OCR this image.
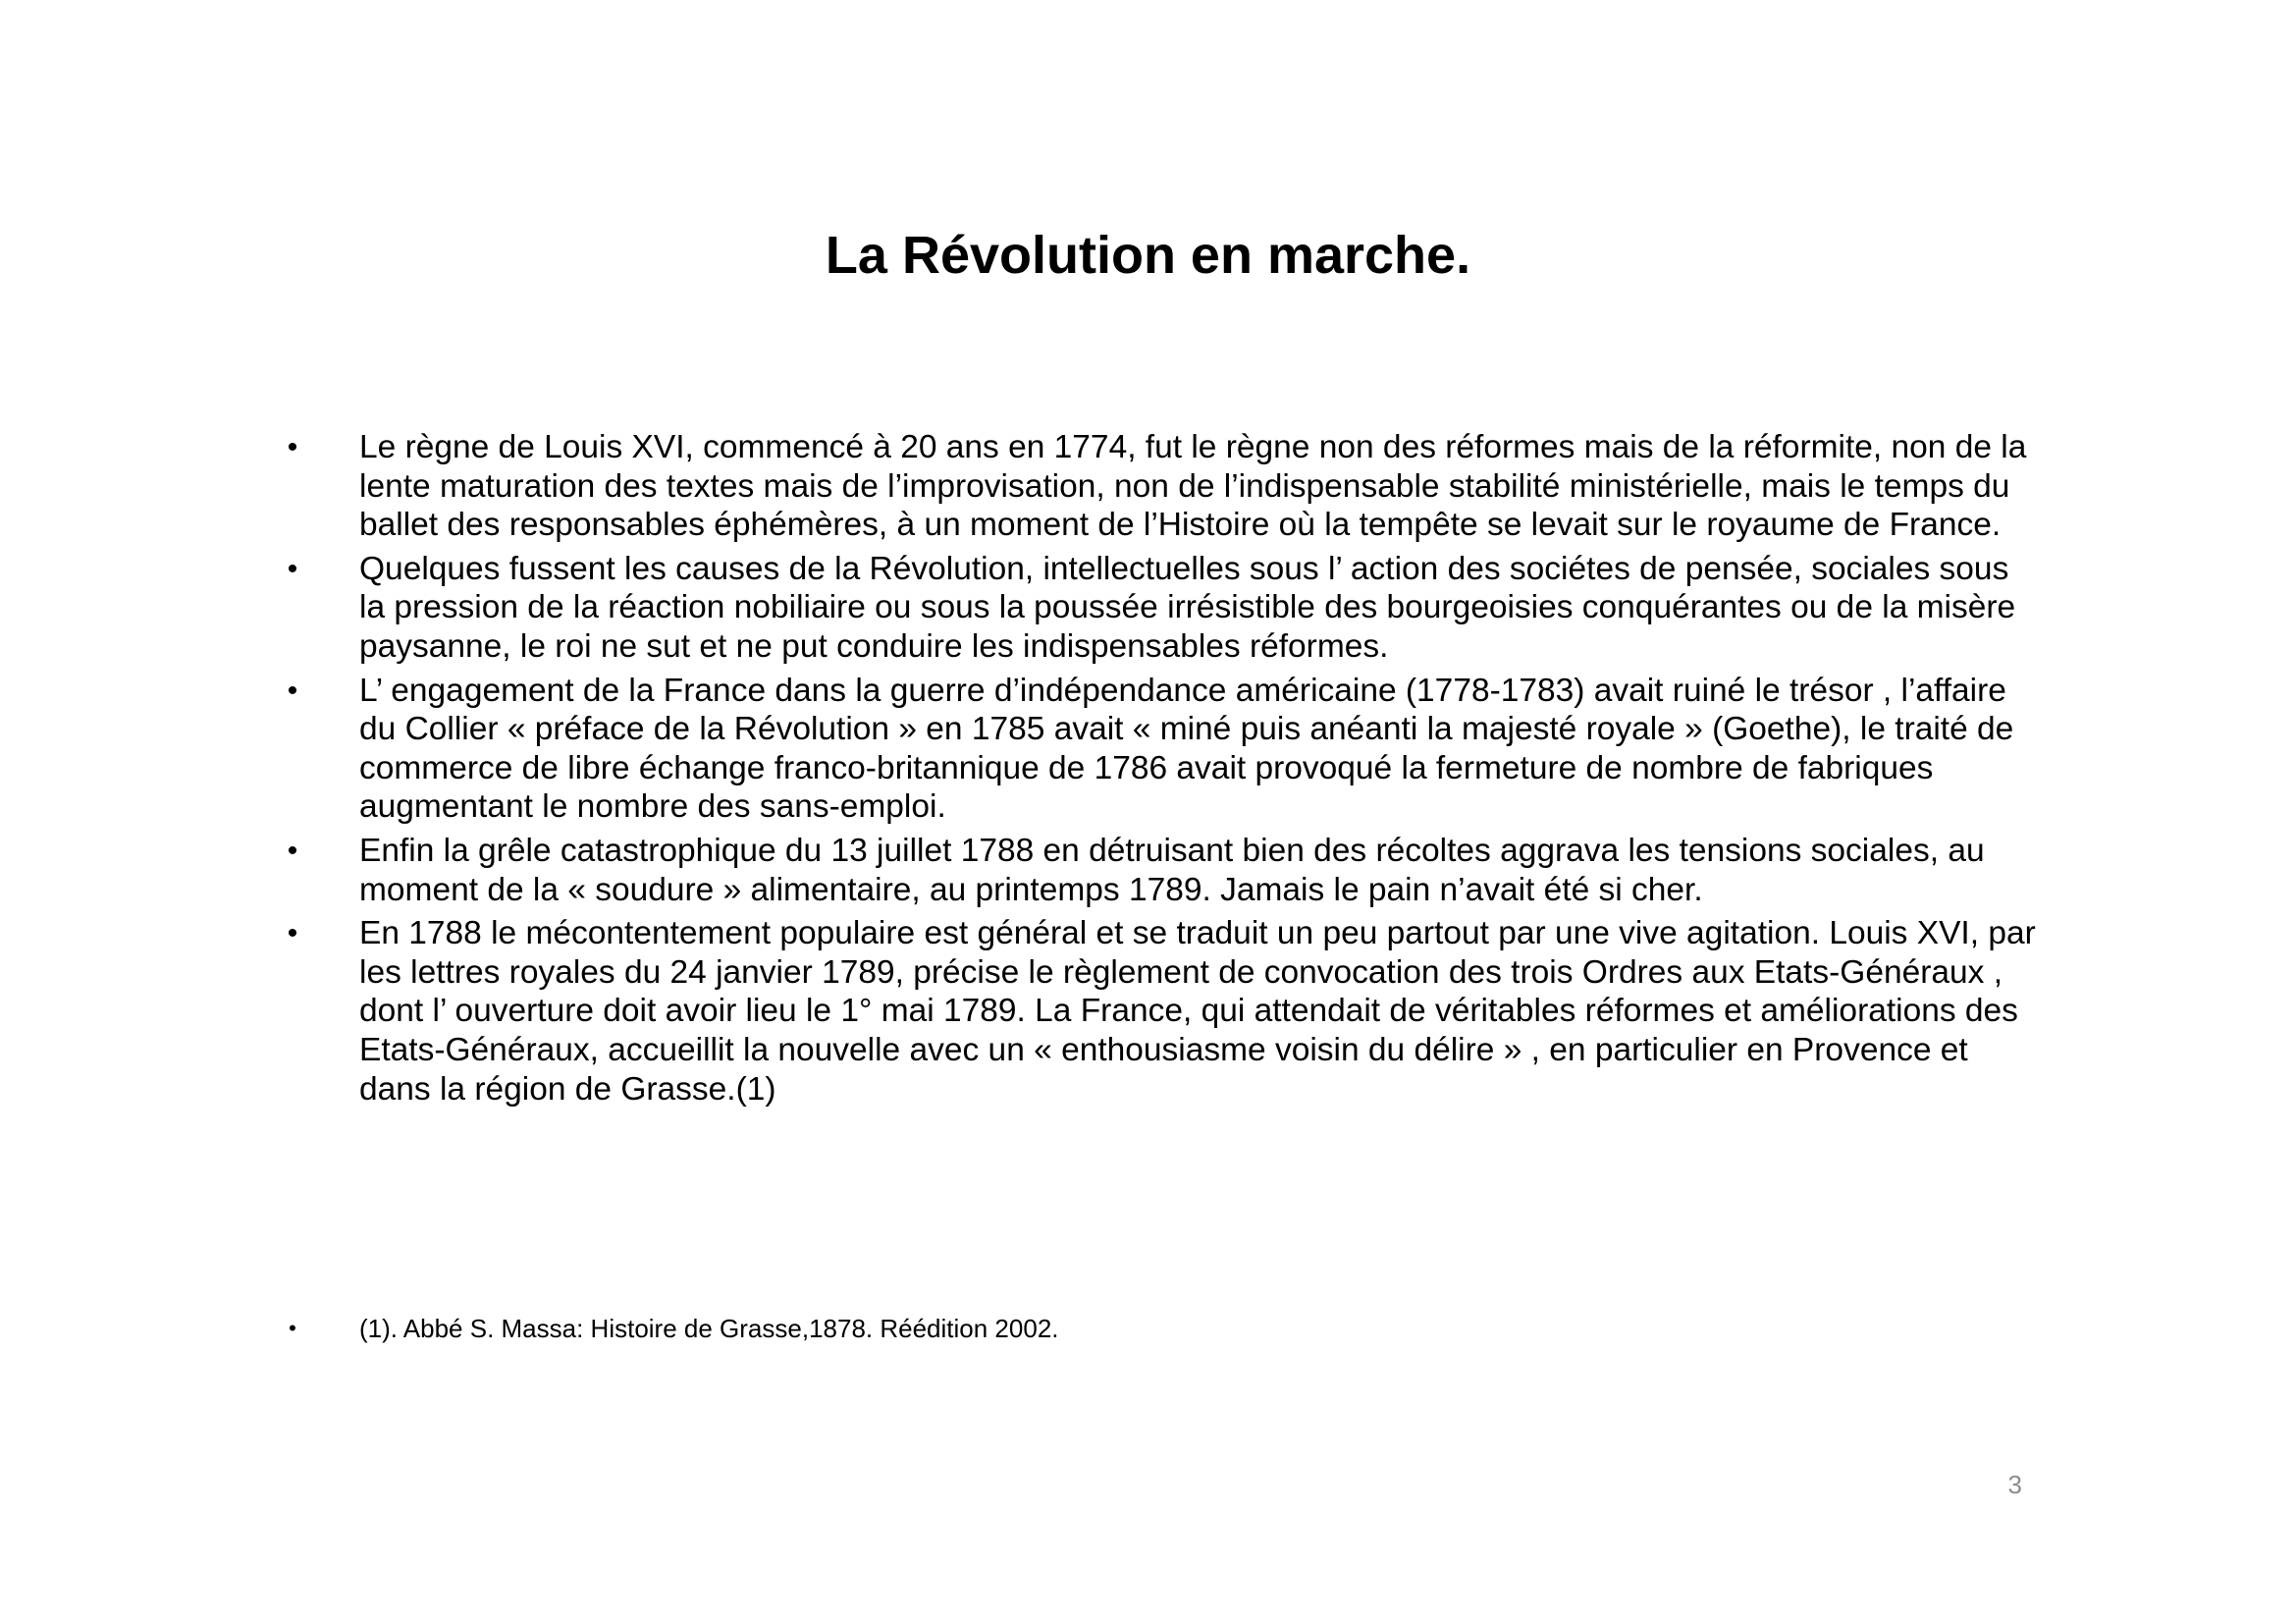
La Révolution en marche.
• Le règne de Louis XVI, commencé à 20 ans en 1774, fut le règne non des réformes mais de la réformite, non de la lente maturation des textes mais de l’improvisation, non de l’indispensable stabilité ministérielle, mais le temps du ballet des responsables éphémères, à un moment de l’Histoire où la tempête se levait sur le royaume de France.
• Quelques fussent les causes de la Révolution, intellectuelles sous l’ action des sociétes de pensée, sociales sous la pression de la réaction nobiliaire ou sous la poussée irrésistible des bourgeoisies conquérantes ou de la misère paysanne, le roi ne sut et ne put conduire les indispensables réformes.
• L’ engagement de la France dans la guerre d’indépendance américaine (1778-1783) avait ruiné le trésor , l’affaire du Collier « préface de la Révolution » en 1785 avait « miné puis anéanti la majesté royale » (Goethe), le traité de commerce de libre échange franco-britannique de 1786 avait provoqué la fermeture de nombre de fabriques augmentant le nombre des sans-emploi.
• Enfin la grêle catastrophique du 13 juillet 1788 en détruisant bien des récoltes aggrava les tensions sociales, au moment de la « soudure » alimentaire, au printemps 1789. Jamais le pain n’avait été si cher.
• En 1788 le mécontentement populaire est général et se traduit un peu partout par une vive agitation. Louis XVI, par les lettres royales du 24 janvier 1789, précise le règlement de convocation des trois Ordres aux Etats-Généraux , dont l’ ouverture doit avoir lieu le 1° mai 1789. La France, qui attendait de véritables réformes et améliorations des Etats-Généraux, accueillit la nouvelle avec un « enthousiasme voisin du délire » , en particulier en Provence et dans la région de Grasse.(1)
• (1). Abbé S. Massa: Histoire de Grasse,1878. Réédition 2002.
3
